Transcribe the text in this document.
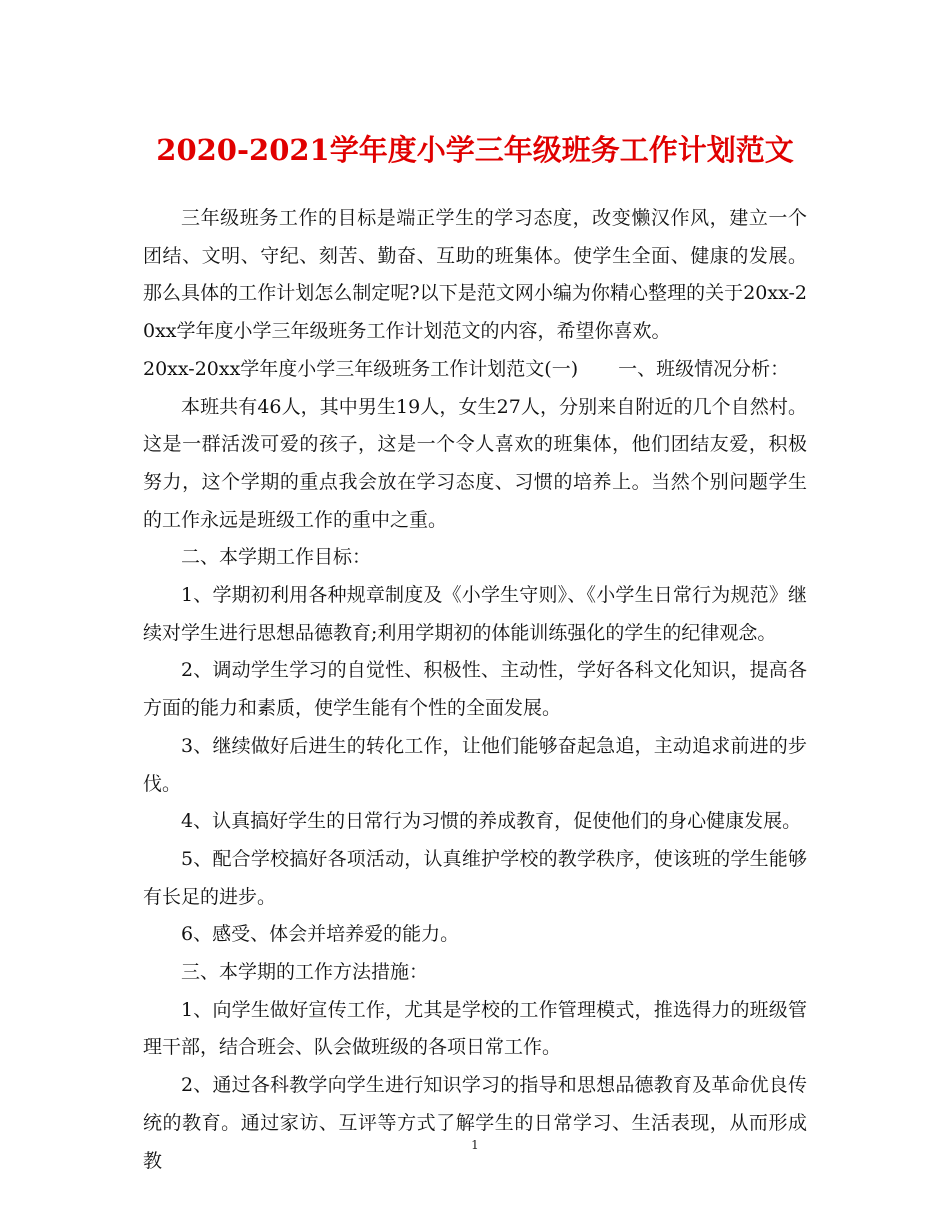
2020-2021学年度小学三年级班务工作计划范文

三年级班务工作的目标是端正学生的学习态度，改变懒汉作风，建立一个团结、文明、守纪、刻苦、勤奋、互助的班集体。使学生全面、健康的发展。那么具体的工作计划怎么制定呢?以下是范文网小编为你精心整理的关于20xx-20xx学年度小学三年级班务工作计划范文的内容，希望你喜欢。

20xx-20xx学年度小学三年级班务工作计划范文(一) 一、班级情况分析：

本班共有46人，其中男生19人，女生27人，分别来自附近的几个自然村。这是一群活泼可爱的孩子，这是一个令人喜欢的班集体，他们团结友爱，积极努力，这个学期的重点我会放在学习态度、习惯的培养上。当然个别问题学生的工作永远是班级工作的重中之重。

二、本学期工作目标：

1、学期初利用各种规章制度及《小学生守则》、《小学生日常行为规范》继续对学生进行思想品德教育;利用学期初的体能训练强化的学生的纪律观念。

2、调动学生学习的自觉性、积极性、主动性，学好各科文化知识，提高各方面的能力和素质，使学生能有个性的全面发展。

3、继续做好后进生的转化工作，让他们能够奋起急追，主动追求前进的步伐。

4、认真搞好学生的日常行为习惯的养成教育，促使他们的身心健康发展。

5、配合学校搞好各项活动，认真维护学校的教学秩序，使该班的学生能够有长足的进步。

6、感受、体会并培养爱的能力。

三、本学期的工作方法措施：

1、向学生做好宣传工作，尤其是学校的工作管理模式，推选得力的班级管理干部，结合班会、队会做班级的各项日常工作。

2、通过各科教学向学生进行知识学习的指导和思想品德教育及革命优良传统的教育。通过家访、互评等方式了解学生的日常学习、生活表现，从而形成教

1
